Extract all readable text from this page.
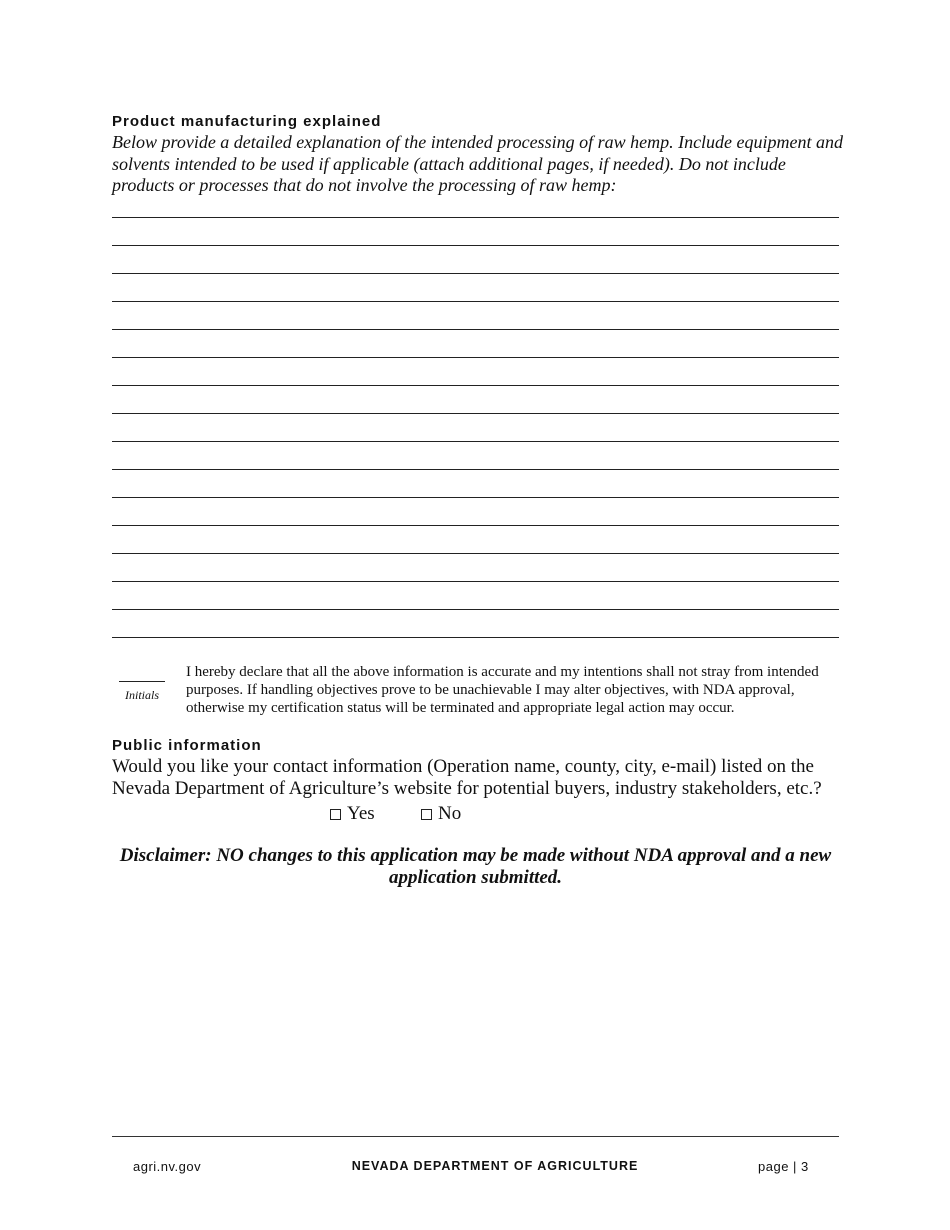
Product manufacturing explained

Below provide a detailed explanation of the intended processing of raw hemp. Include equipment and solvents intended to be used if applicable (attach additional pages, if needed). Do not include products or processes that do not involve the processing of raw hemp:

Initials

I hereby declare that all the above information is accurate and my intentions shall not stray from intended purposes. If handling objectives prove to be unachievable I may alter objectives, with NDA approval, otherwise my certification status will be terminated and appropriate legal action may occur.

Public information

Would you like your contact information (Operation name, county, city, e-mail) listed on the Nevada Department of Agriculture’s website for potential buyers, industry stakeholders, etc.?

Yes	No

Disclaimer: NO changes to this application may be made without NDA approval and a new application submitted.

agri.nv.gov	NEVADA DEPARTMENT OF AGRICULTURE	page | 3
